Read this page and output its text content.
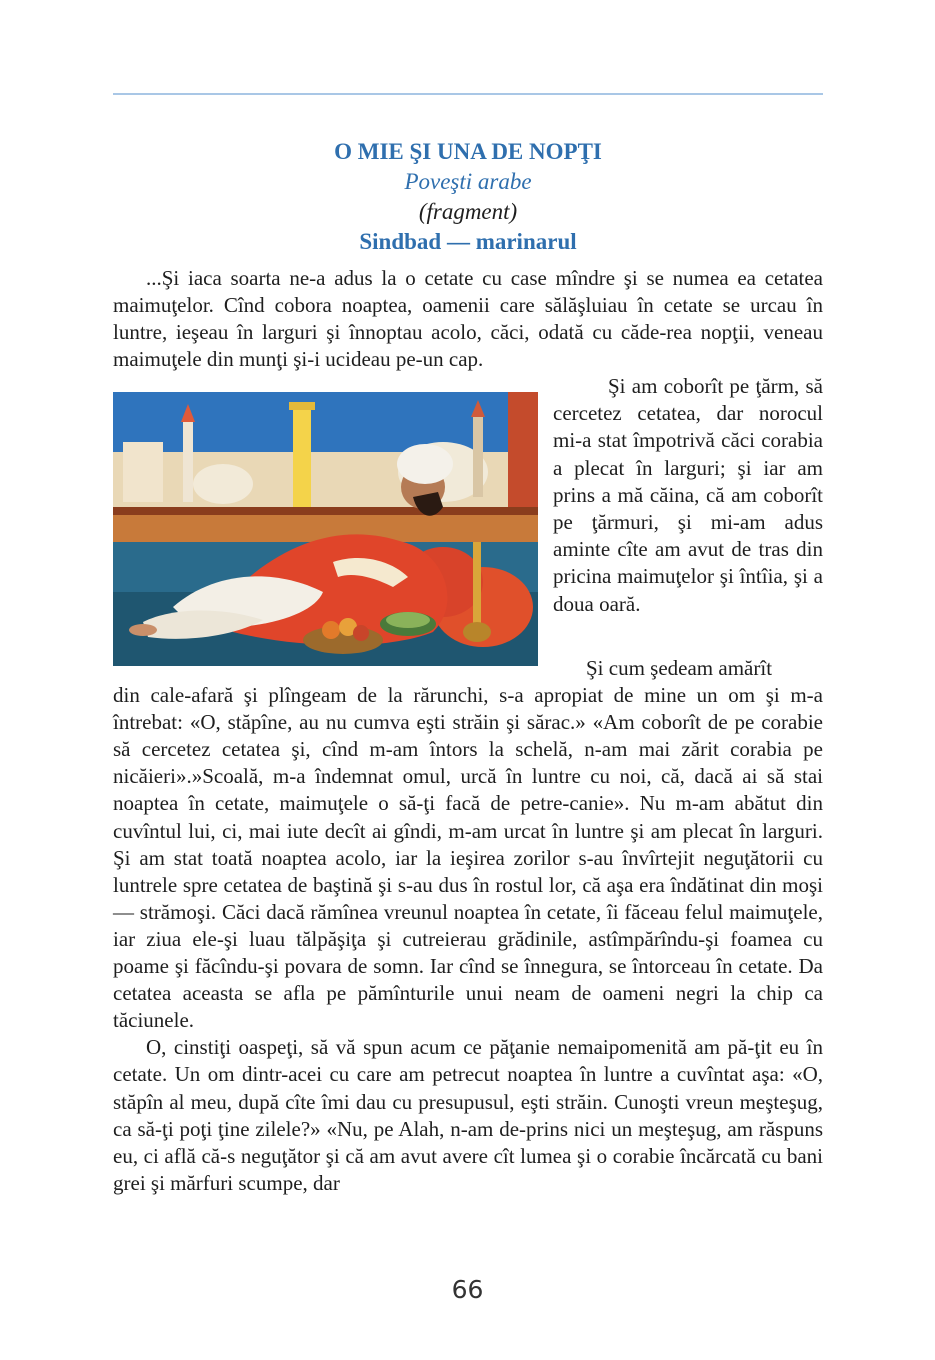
O MIE ŞI UNA DE NOPŢI
Poveşti arabe
(fragment)
Sindbad — marinarul

...Şi iaca soarta ne-a adus la o cetate cu case mîndre şi se numea ea cetatea maimuţelor. Cînd cobora noaptea, oamenii care sălăşluiau în cetate se urcau în luntre, ieşeau în larguri şi înnoptau acolo, căci, odată cu căde-rea nopţii, veneau maimuţele din munţi şi-i ucideau pe-un cap.

Şi am coborît pe ţărm, să cercetez cetatea, dar norocul mi-a stat împotrivă căci corabia a plecat în larguri; şi iar am prins a mă căina, că am coborît pe ţărmuri, şi mi-am adus aminte cîte am avut de tras din pricina maimuţelor şi întîia, şi a doua oară.

Şi cum şedeam amărît

din cale-afară şi plîngeam de la rărunchi, s-a apropiat de mine un om şi m-a întrebat: «O, stăpîne, au nu cumva eşti străin şi sărac.» «Am coborît de pe corabie să cercetez cetatea şi, cînd m-am întors la schelă, n-am mai zărit corabia pe nicăieri».»Scoală, m-a îndemnat omul, urcă în luntre cu noi, că, dacă ai să stai noaptea în cetate, maimuţele o să-ţi facă de petre-canie». Nu m-am abătut din cuvîntul lui, ci, mai iute decît ai gîndi, m-am urcat în luntre şi am plecat în larguri. Şi am stat toată noaptea acolo, iar la ieşirea zorilor s-au învîrtejit neguţătorii cu luntrele spre cetatea de baştină şi s-au dus în rostul lor, că aşa era îndătinat din moşi — strămoşi. Căci dacă rămînea vreunul noaptea în cetate, îi făceau felul maimuţele, iar ziua ele-şi luau tălpăşiţa şi cutreierau grădinile, astîmpărîndu-şi foamea cu poame şi făcîndu-şi povara de somn. Iar cînd se înnegura, se întorceau în cetate. Da cetatea aceasta se afla pe pămînturile unui neam de oameni negri la chip ca tăciunele.

O, cinstiţi oaspeţi, să vă spun acum ce păţanie nemaipomenită am pă-ţit eu în cetate. Un om dintr-acei cu care am petrecut noaptea în luntre a cuvîntat aşa: «O, stăpîn al meu, după cîte îmi dau cu presupusul, eşti străin. Cunoşti vreun meşteşug, ca să-ţi poţi ţine zilele?» «Nu, pe Alah, n-am de-prins nici un meşteşug, am răspuns eu, ci află că-s neguţător şi că am avut avere cît lumea şi o corabie încărcată cu bani grei şi mărfuri scumpe, dar

66
